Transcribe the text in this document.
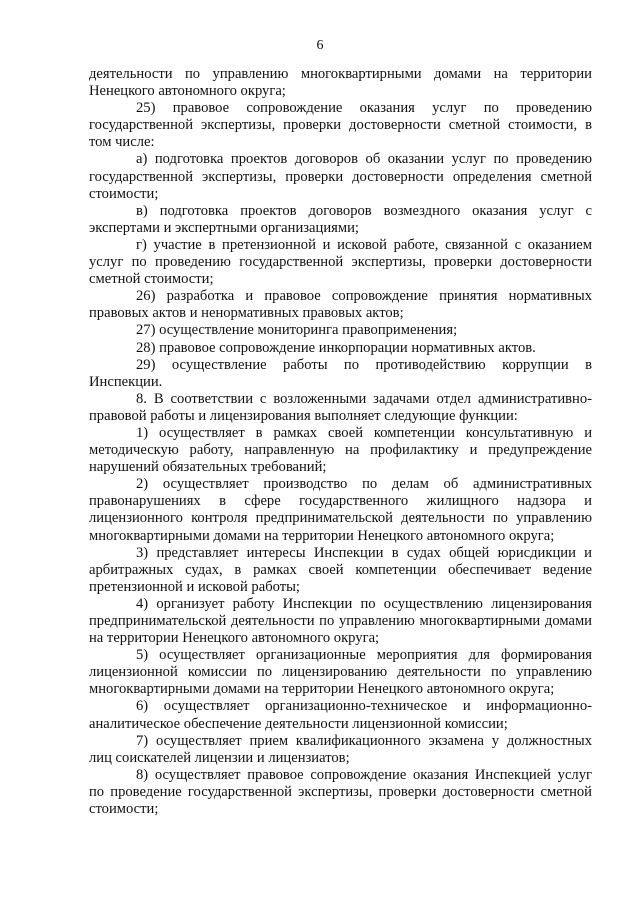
6

деятельности по управлению многоквартирными домами на территории Ненецкого автономного округа;

25) правовое сопровождение оказания услуг по проведению государственной экспертизы, проверки достоверности сметной стоимости, в том числе:

а) подготовка проектов договоров об оказании услуг по проведению государственной экспертизы, проверки достоверности определения сметной стоимости;

в) подготовка проектов договоров возмездного оказания услуг с экспертами и экспертными организациями;

г) участие в претензионной и исковой работе, связанной с оказанием услуг по проведению государственной экспертизы, проверки достоверности сметной стоимости;

26) разработка и правовое сопровождение принятия нормативных правовых актов и ненормативных правовых актов;

27) осуществление мониторинга правоприменения;

28) правовое сопровождение инкорпорации нормативных актов.

29) осуществление работы по противодействию коррупции в Инспекции.

8. В соответствии с возложенными задачами отдел административно-правовой работы и лицензирования выполняет следующие функции:

1) осуществляет в рамках своей компетенции консультативную и методическую работу, направленную на профилактику и предупреждение нарушений обязательных требований;

2) осуществляет производство по делам об административных правонарушениях в сфере государственного жилищного надзора и лицензионного контроля предпринимательской деятельности по управлению многоквартирными домами на территории Ненецкого автономного округа;

3) представляет интересы Инспекции в судах общей юрисдикции и арбитражных судах, в рамках своей компетенции обеспечивает ведение претензионной и исковой работы;

4) организует работу Инспекции по осуществлению лицензирования предпринимательской деятельности по управлению многоквартирными домами на территории Ненецкого автономного округа;

5) осуществляет организационные мероприятия для формирования лицензионной комиссии по лицензированию деятельности по управлению многоквартирными домами на территории Ненецкого автономного округа;

6) осуществляет организационно-техническое и информационно-аналитическое обеспечение деятельности лицензионной комиссии;

7) осуществляет прием квалификационного экзамена у должностных лиц соискателей лицензии и лицензиатов;

8) осуществляет правовое сопровождение оказания Инспекцией услуг по проведение государственной экспертизы, проверки достоверности сметной стоимости;
